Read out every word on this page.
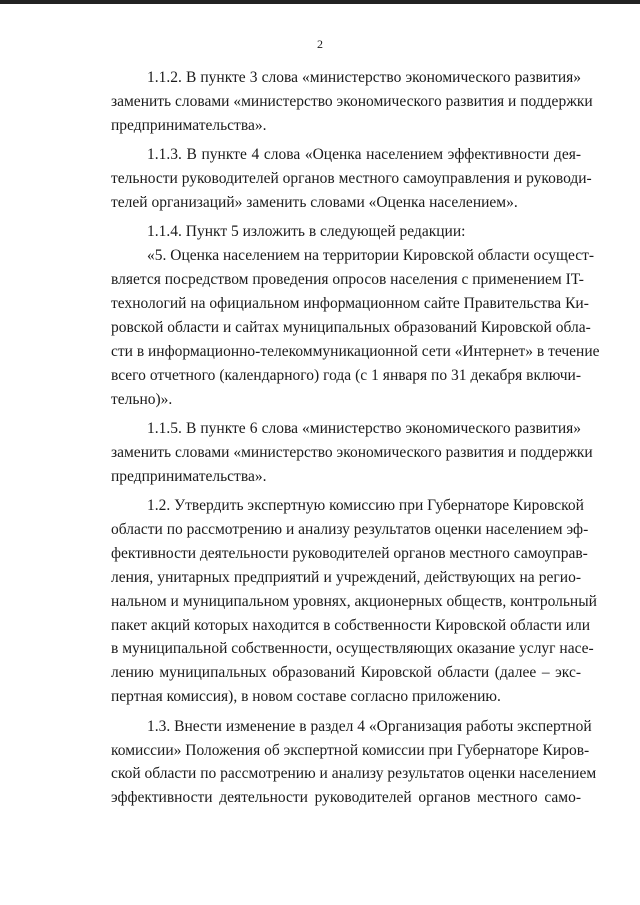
2
1.1.2. В пункте 3 слова «министерство экономического развития»
заменить словами «министерство экономического развития и поддержки
предпринимательства».
1.1.3. В пункте 4 слова «Оценка населением эффективности дея-
тельности руководителей органов местного самоуправления и руководи-
телей организаций» заменить словами «Оценка населением».
1.1.4. Пункт 5 изложить в следующей редакции:
«5. Оценка населением на территории Кировской области осущест-
вляется посредством проведения опросов населения с применением IT-
технологий на официальном информационном сайте Правительства Ки-
ровской области и сайтах муниципальных образований Кировской обла-
сти в информационно-телекоммуникационной сети «Интернет» в течение
всего отчетного (календарного) года (с 1 января по 31 декабря включи-
тельно)».
1.1.5. В пункте 6 слова «министерство экономического развития»
заменить словами «министерство экономического развития и поддержки
предпринимательства».
1.2. Утвердить экспертную комиссию при Губернаторе Кировской
области по рассмотрению и анализу результатов оценки населением эф-
фективности деятельности руководителей органов местного самоуправ-
ления, унитарных предприятий и учреждений, действующих на регио-
нальном и муниципальном уровнях, акционерных обществ, контрольный
пакет акций которых находится в собственности Кировской области или
в муниципальной собственности, осуществляющих оказание услуг насе-
лению муниципальных образований Кировской области (далее – экс-
пертная комиссия), в новом составе согласно приложению.
1.3. Внести изменение в раздел 4 «Организация работы экспертной
комиссии» Положения об экспертной комиссии при Губернаторе Киров-
ской области по рассмотрению и анализу результатов оценки населением
эффективности деятельности руководителей органов местного само-
